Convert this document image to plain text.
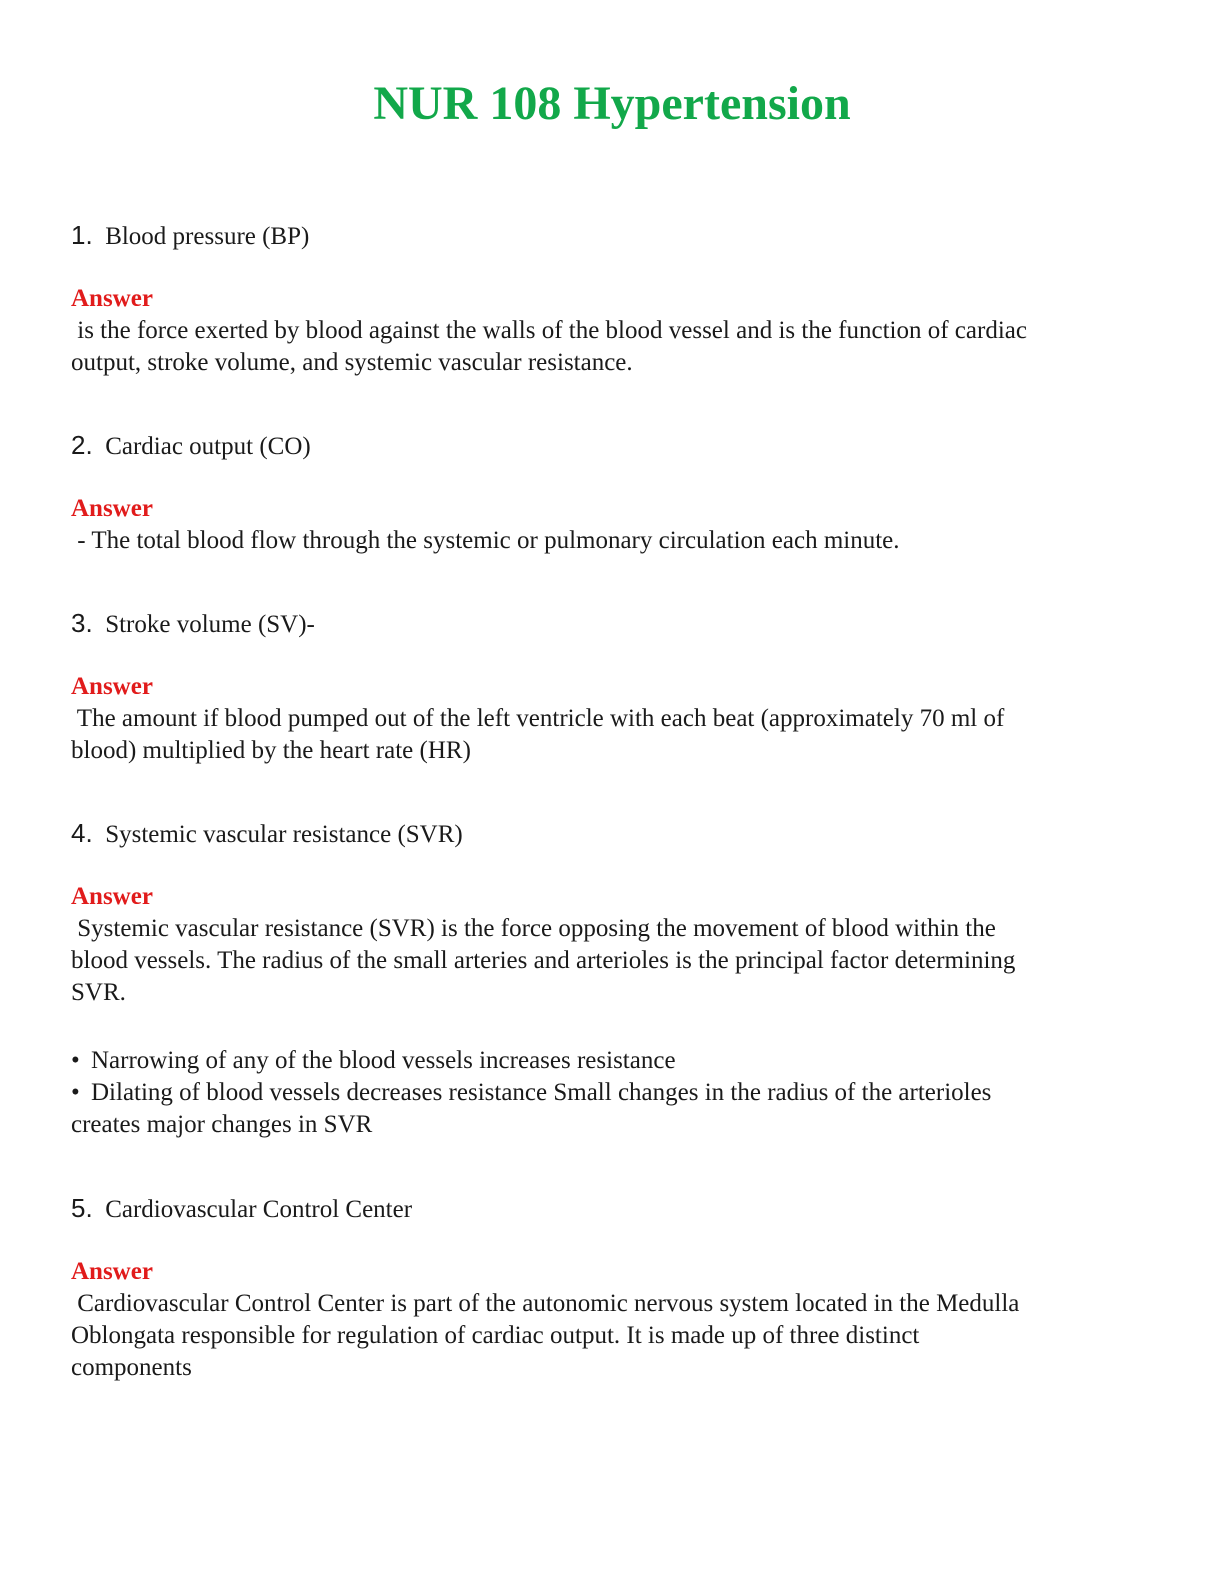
NUR 108 Hypertension

1. Blood pressure (BP)

Answer

is the force exerted by blood against the walls of the blood vessel and is the function of cardiac

output, stroke volume, and systemic vascular resistance.

2. Cardiac output (CO)

Answer

- The total blood flow through the systemic or pulmonary circulation each minute.

3. Stroke volume (SV)-

Answer

The amount if blood pumped out of the left ventricle with each beat (approximately 70 ml of

blood) multiplied by the heart rate (HR)

4. Systemic vascular resistance (SVR)

Answer

Systemic vascular resistance (SVR) is the force opposing the movement of blood within the

blood vessels. The radius of the small arteries and arterioles is the principal factor determining

SVR.

• Narrowing of any of the blood vessels increases resistance

• Dilating of blood vessels decreases resistance Small changes in the radius of the arterioles

creates major changes in SVR

5. Cardiovascular Control Center

Answer

Cardiovascular Control Center is part of the autonomic nervous system located in the Medulla

Oblongata responsible for regulation of cardiac output. It is made up of three distinct

components
